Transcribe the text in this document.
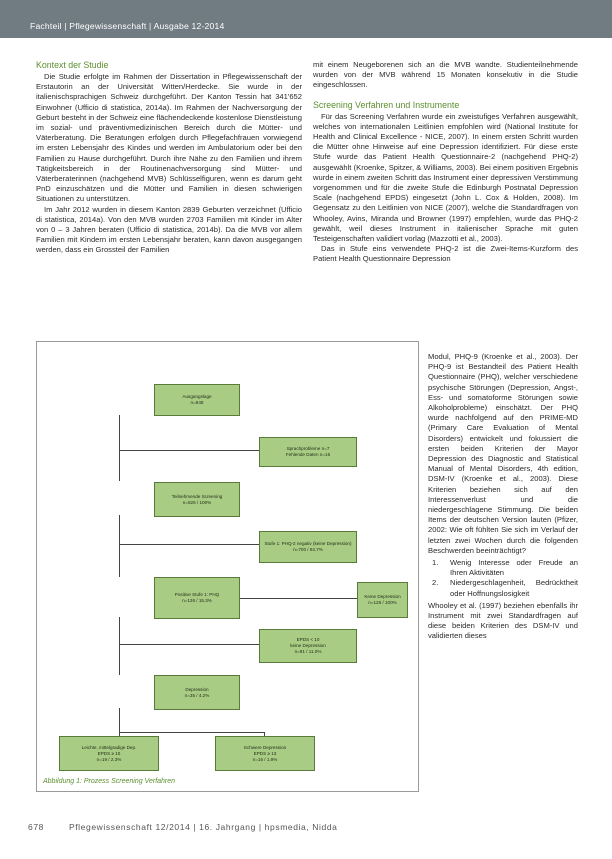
Fachteil | Pflegewissenschaft | Ausgabe 12-2014
Kontext der Studie

Die Studie erfolgte im Rahmen der Dissertation in Pflegewissenschaft der Erstautorin an der Universität Witten/Herdecke. Sie wurde in der italienischsprachigen Schweiz durchgeführt. Der Kanton Tessin hat 341'652 Einwohner (Ufficio di statistica, 2014a). Im Rahmen der Nachversorgung der Geburt besteht in der Schweiz eine flächendeckende kostenlose Dienstleistung im sozial- und präventivmedizinischen Bereich durch die Mütter- und Väterberatung. Die Beratungen erfolgen durch Pflegefachfrauen vorwiegend im ersten Lebensjahr des Kindes und werden im Ambulatorium oder bei den Familien zu Hause durchgeführt. Durch ihre Nähe zu den Familien und ihrem Tätigkeitsbereich in der Routinenachversorgung sind Mütter- und Väterberaterinnen (nachgehend MVB) Schlüsselfiguren, wenn es darum geht PnD einzuschätzen und die Mütter und Familien in diesen schwierigen Situationen zu unterstützen.

Im Jahr 2012 wurden in diesem Kanton 2839 Geburten verzeichnet (Ufficio di statistica, 2014a). Von den MVB wurden 2703 Familien mit Kinder im Alter von 0 – 3 Jahren beraten (Ufficio di statistica, 2014b). Da die MVB vor allem Familien mit Kindern im ersten Lebensjahr beraten, kann davon ausgegangen werden, dass ein Grossteil der Familien

mit einem Neugeborenen sich an die MVB wandte. Studienteilnehmende wurden von der MVB während 15 Monaten konsekutiv in die Studie eingeschlossen.

Screening Verfahren und Instrumente

Für das Screening Verfahren wurde ein zweistufiges Verfahren ausgewählt, welches von internationalen Leitlinien empfohlen wird (National Institute for Health and Clinical Excellence - NICE, 2007). In einem ersten Schritt wurden die Mütter ohne Hinweise auf eine Depression identifiziert. Für diese erste Stufe wurde das Patient Health Questionnaire-2 (nachgehend PHQ-2) ausgewählt (Kroenke, Spitzer, & Williams, 2003). Bei einem positiven Ergebnis wurde in einem zweiten Schritt das Instrument einer depressiven Verstimmung vorgenommen und für die zweite Stufe die Edinburgh Postnatal Depression Scale (nachgehend EPDS) eingesetzt (John L. Cox & Holden, 2008). Im Gegensatz zu den Leitlinien von NICE (2007), welche die Standardfragen von Whooley, Avins, Miranda und Browner (1997) empfehlen, wurde das PHQ-2 gewählt, weil dieses Instrument in italienischer Sprache mit guten Testeigenschaften validiert vorlag (Mazzotti et al., 2003).

Das in Stufe eins verwendete PHQ-2 ist die Zwei-Items-Kurzform des Patient Health Questionnaire Depression

Modul, PHQ-9 (Kroenke et al., 2003). Der PHQ-9 ist Bestandteil des Patient Health Questionnaire (PHQ), welcher verschiedene psychische Störungen (Depression, Angst-, Ess- und somatoforme Störungen sowie Alkoholprobleme) einschätzt. Der PHQ wurde nachfolgend auf den PRIME-MD (Primary Care Evaluation of Mental Disorders) entwickelt und fokussiert die ersten beiden Kriterien der Mayor Depression des Diagnostic and Statistical Manual of Mental Disorders, 4th edition, DSM-IV (Kroenke et al., 2003). Diese Kriterien beziehen sich auf den Interessenverlust und die niedergeschlagene Stimmung. Die beiden Items der deutschen Version lauten (Pfizer, 2002: Wie oft fühlten Sie sich im Verlauf der letzten zwei Wochen durch die folgenden Beschwerden beeinträchtigt?

1. Wenig Interesse oder Freude an Ihren Aktivitäten
2. Niedergeschlagenheit, Bedrücktheit oder Hoffnungslosigkeit

Whooley et al. (1997) beziehen ebenfalls ihr Instrument mit zwei Standardfragen auf diese beiden Kriterien des DSM-IV und validierten dieses

Ausgangslage
n=849
Sprachprobleme n=7
Fehlende Daten n=16
Teilnehmende Screening
n=826 / 100%
Stufe 1: PHQ-2 negativ (keine Depression) n=700 / 84.7%
Positive Stufe 1: PHQ
n=126 / 15.3%
Keine Depression
n=126 / 100%
EPDS < 10
keine Depression
n=91 / 11.0%
Depression
n=35 / 4.2%
Leichte, mittelgradige Dep.
EPDS ≥ 10
n=19 / 2.3%
Schwere Depression
EPDS ≥ 13
n=16 / 1.9%
Abbildung 1: Prozess Screening Verfahren
678	Pflegewissenschaft 12/2014 | 16. Jahrgang | hpsmedia, Nidda
